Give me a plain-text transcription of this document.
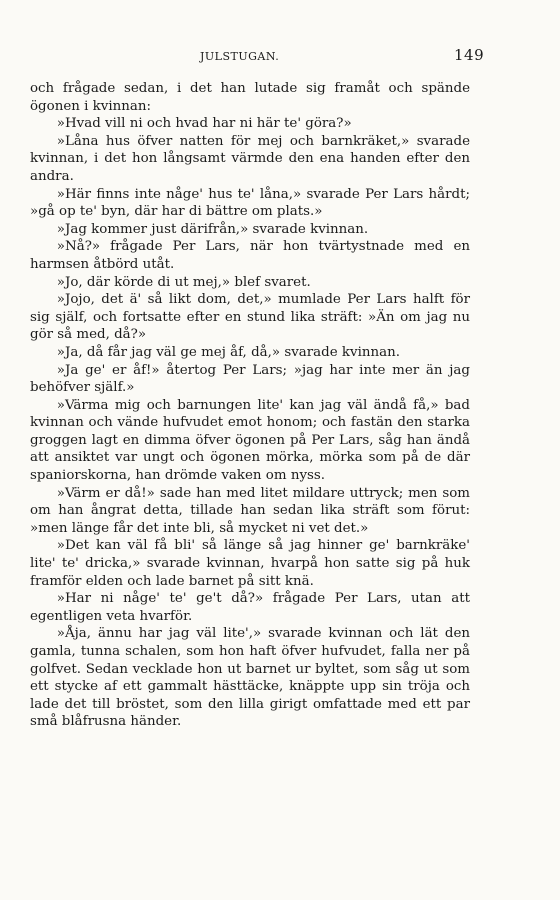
JULSTUGAN.	149

och frågade sedan, i det han lutade sig framåt och spände ögonen i kvinnan:

»Hvad vill ni och hvad har ni här te' göra?»

»Låna hus öfver natten för mej och barnkräket,» svarade kvinnan, i det hon långsamt värmde den ena handen efter den andra.

»Här finns inte någe' hus te' låna,» svarade Per Lars hårdt; »gå op te' byn, där har di bättre om plats.»

»Jag kommer just därifrån,» svarade kvinnan.

»Nå?» frågade Per Lars, när hon tvärtystnade med en harmsen åtbörd utåt.

»Jo, där körde di ut mej,» blef svaret.

»Jojo, det ä' så likt dom, det,» mumlade Per Lars halft för sig själf, och fortsatte efter en stund lika sträft: »Än om jag nu gör så med, då?»

»Ja, då får jag väl ge mej åf, då,» svarade kvinnan.

»Ja ge' er åf!» återtog Per Lars; »jag har inte mer än jag behöfver själf.»

»Värma mig och barnungen lite' kan jag väl ändå få,» bad kvinnan och vände hufvudet emot honom; och fastän den starka groggen lagt en dimma öfver ögonen på Per Lars, såg han ändå att ansiktet var ungt och ögonen mörka, mörka som på de där spaniorskorna, han drömde vaken om nyss.

»Värm er då!» sade han med litet mildare uttryck; men som om han ångrat detta, tillade han sedan lika sträft som förut: »men länge får det inte bli, så mycket ni vet det.»

»Det kan väl få bli' så länge så jag hinner ge' barnkräke' lite' te' dricka,» svarade kvinnan, hvarpå hon satte sig på huk framför elden och lade barnet på sitt knä.

»Har ni någe' te' ge't då?» frågade Per Lars, utan att egentligen veta hvarför.

»Åja, ännu har jag väl lite',» svarade kvinnan och lät den gamla, tunna schalen, som hon haft öfver hufvudet, falla ner på golfvet. Sedan vecklade hon ut barnet ur byltet, som såg ut som ett stycke af ett gammalt hästtäcke, knäppte upp sin tröja och lade det till bröstet, som den lilla girigt omfattade med ett par små blåfrusna händer.
